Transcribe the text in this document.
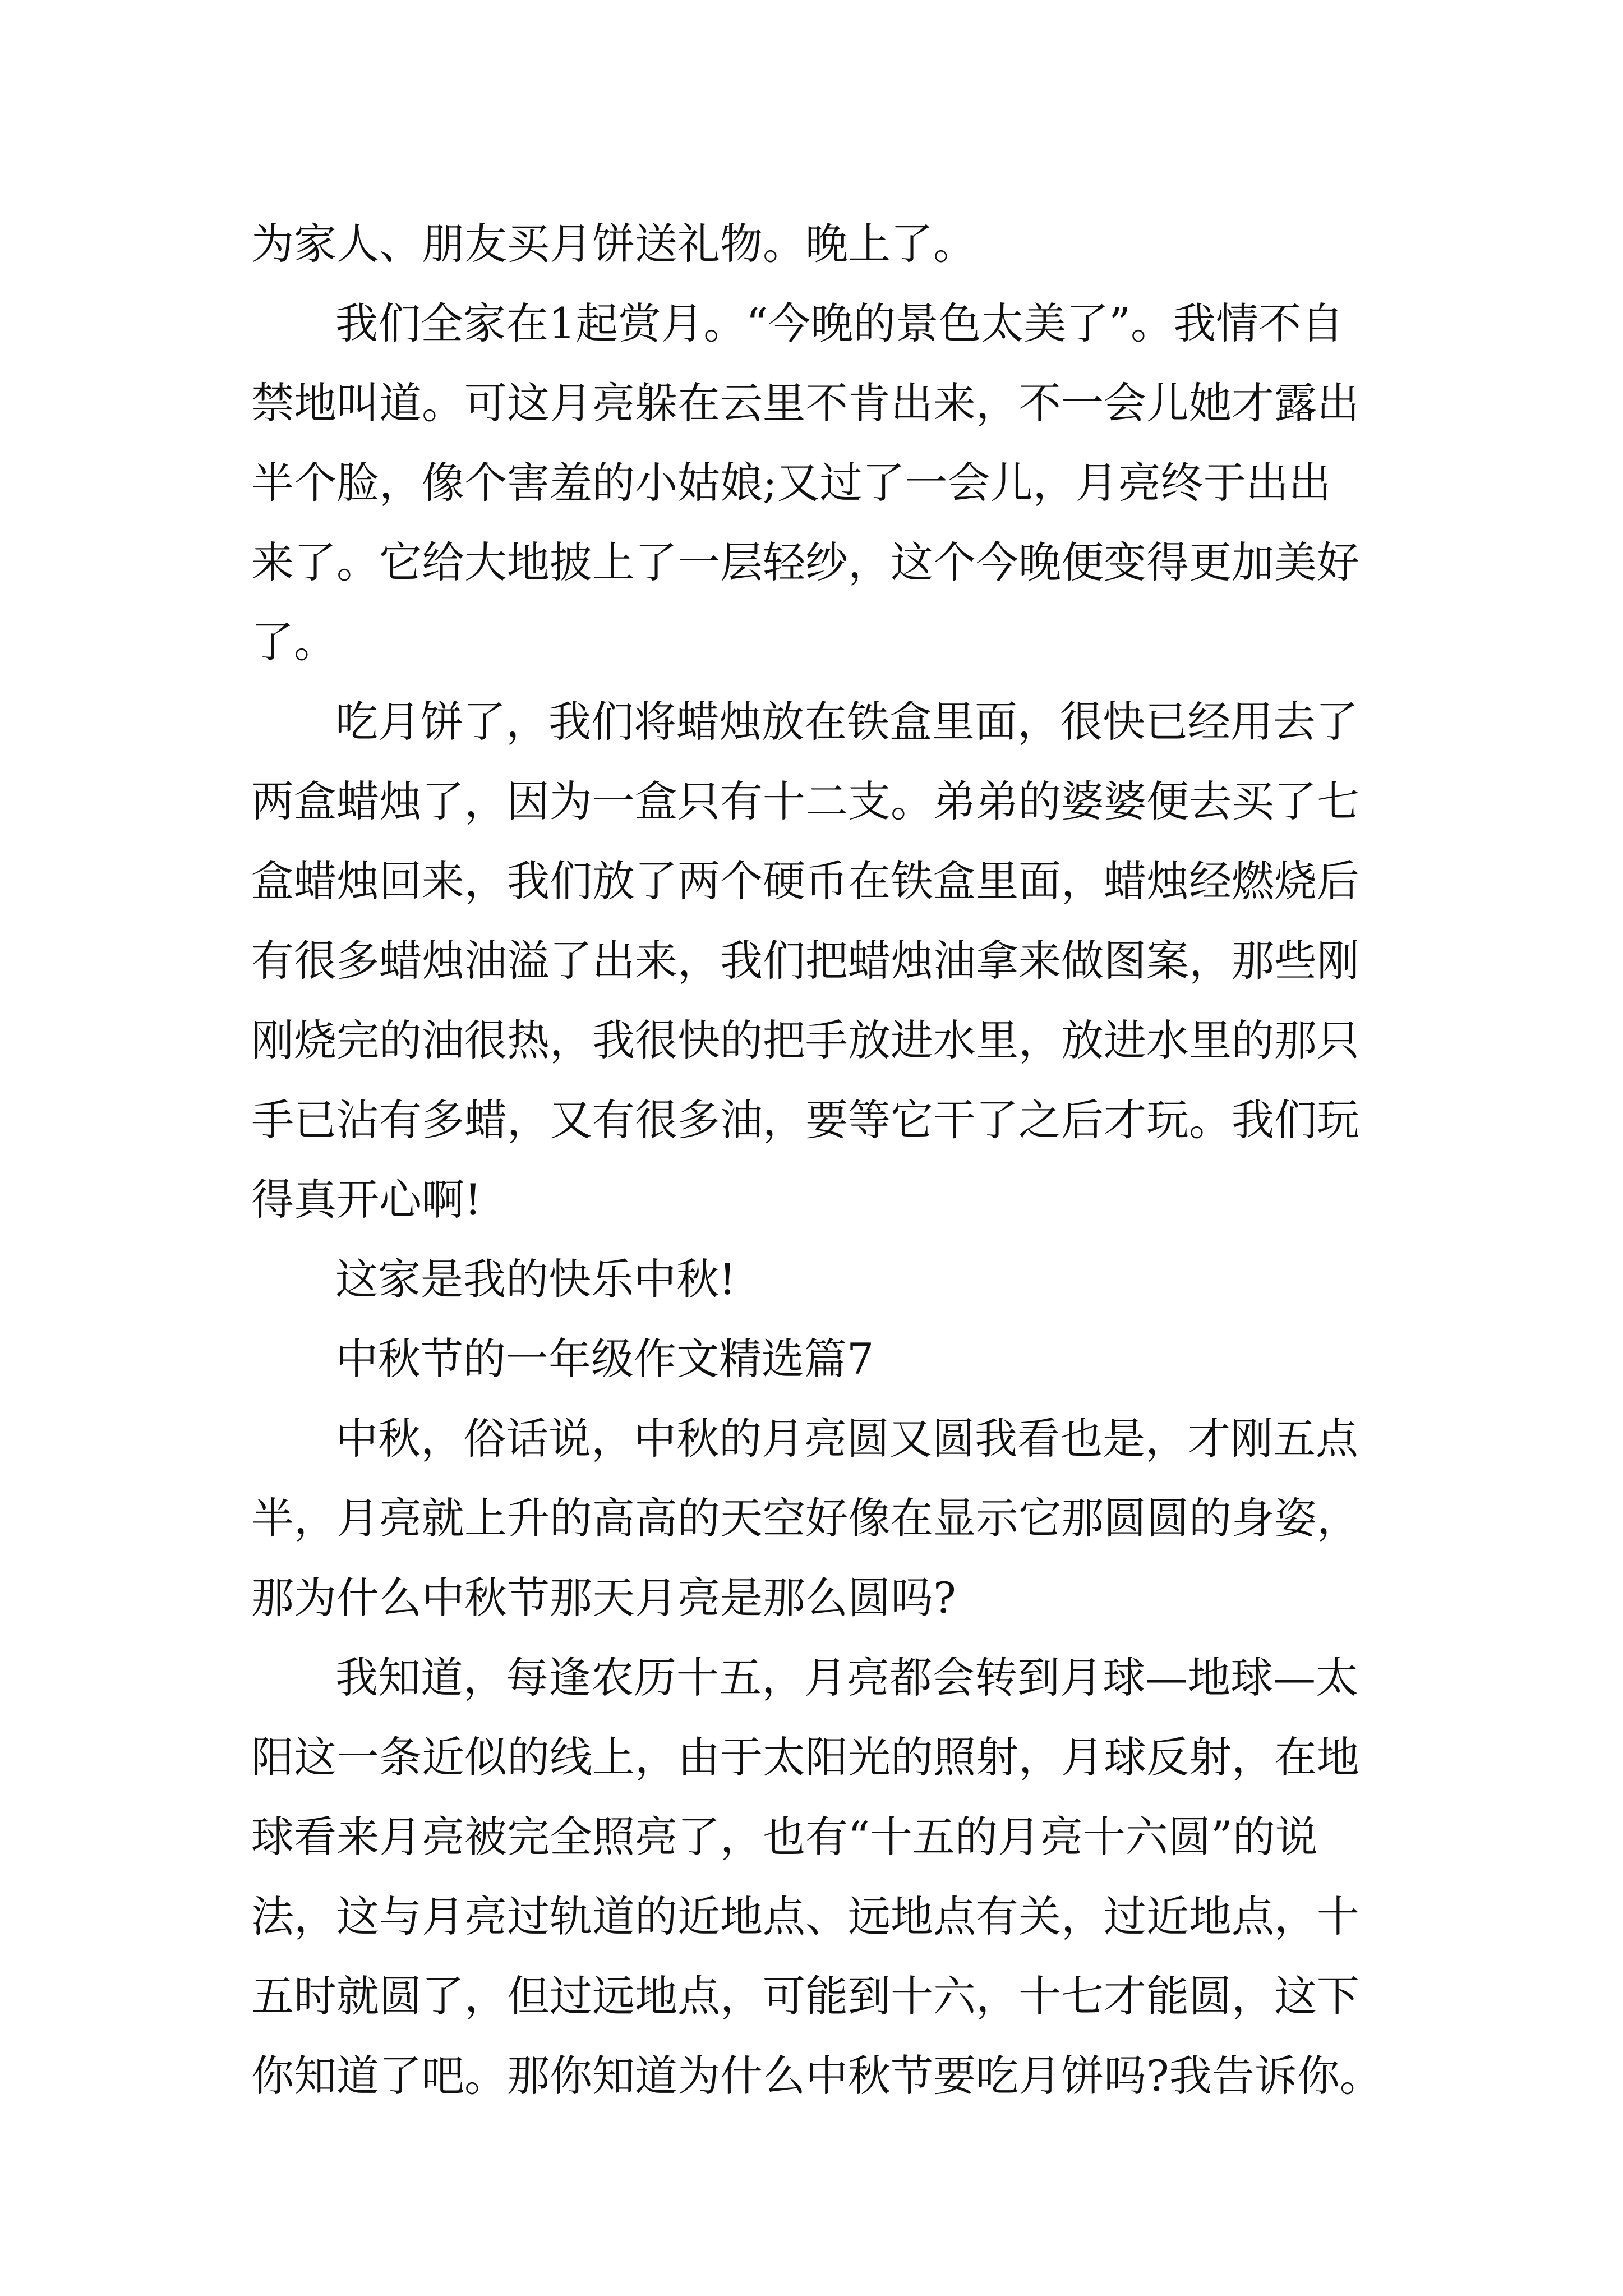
为家人、朋友买月饼送礼物。晚上了。

我们全家在1起赏月。“今晚的景色太美了”。我情不自

禁地叫道。可这月亮躲在云里不肯出来，不一会儿她才露出

半个脸，像个害羞的小姑娘;又过了一会儿，月亮终于出出

来了。它给大地披上了一层轻纱，这个今晚便变得更加美好

了。

吃月饼了，我们将蜡烛放在铁盒里面，很快已经用去了

两盒蜡烛了，因为一盒只有十二支。弟弟的婆婆便去买了七

盒蜡烛回来，我们放了两个硬币在铁盒里面，蜡烛经燃烧后

有很多蜡烛油溢了出来，我们把蜡烛油拿来做图案，那些刚

刚烧完的油很热，我很快的把手放进水里，放进水里的那只

手已沾有多蜡，又有很多油，要等它干了之后才玩。我们玩

得真开心啊!

这家是我的快乐中秋!

中秋节的一年级作文精选篇7

中秋，俗话说，中秋的月亮圆又圆我看也是，才刚五点

半，月亮就上升的高高的天空好像在显示它那圆圆的身姿，

那为什么中秋节那天月亮是那么圆吗?

我知道，每逢农历十五，月亮都会转到月球—地球—太

阳这一条近似的线上，由于太阳光的照射，月球反射，在地

球看来月亮被完全照亮了，也有“十五的月亮十六圆”的说

法，这与月亮过轨道的近地点、远地点有关，过近地点，十

五时就圆了，但过远地点，可能到十六，十七才能圆，这下

你知道了吧。那你知道为什么中秋节要吃月饼吗?我告诉你。
